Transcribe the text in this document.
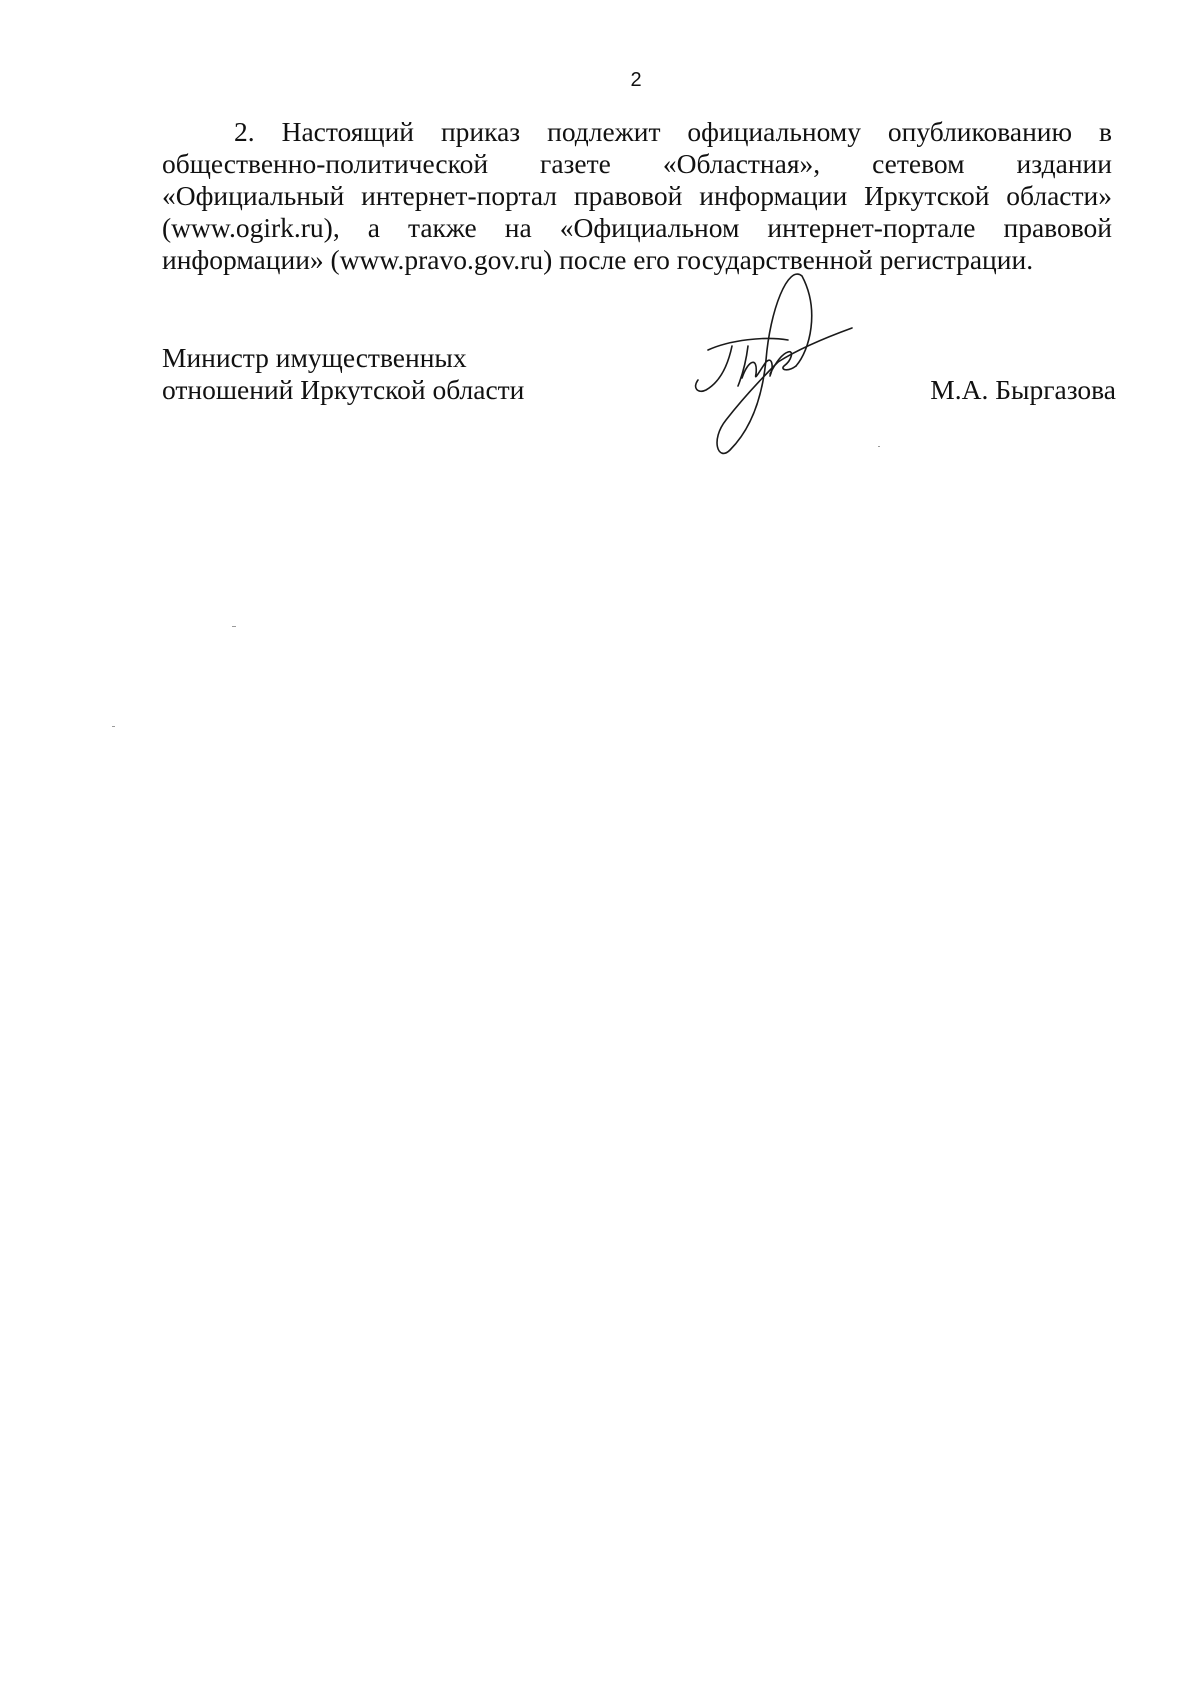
2

2. Настоящий приказ подлежит официальному опубликованию в общественно-политической газете «Областная», сетевом издании «Официальный интернет-портал правовой информации Иркутской области» (www.ogirk.ru), а также на «Официальном интернет-портале правовой информации» (www.pravo.gov.ru) после его государственной регистрации.

Министр имущественных
отношений Иркутской области	М.А. Быргазова
